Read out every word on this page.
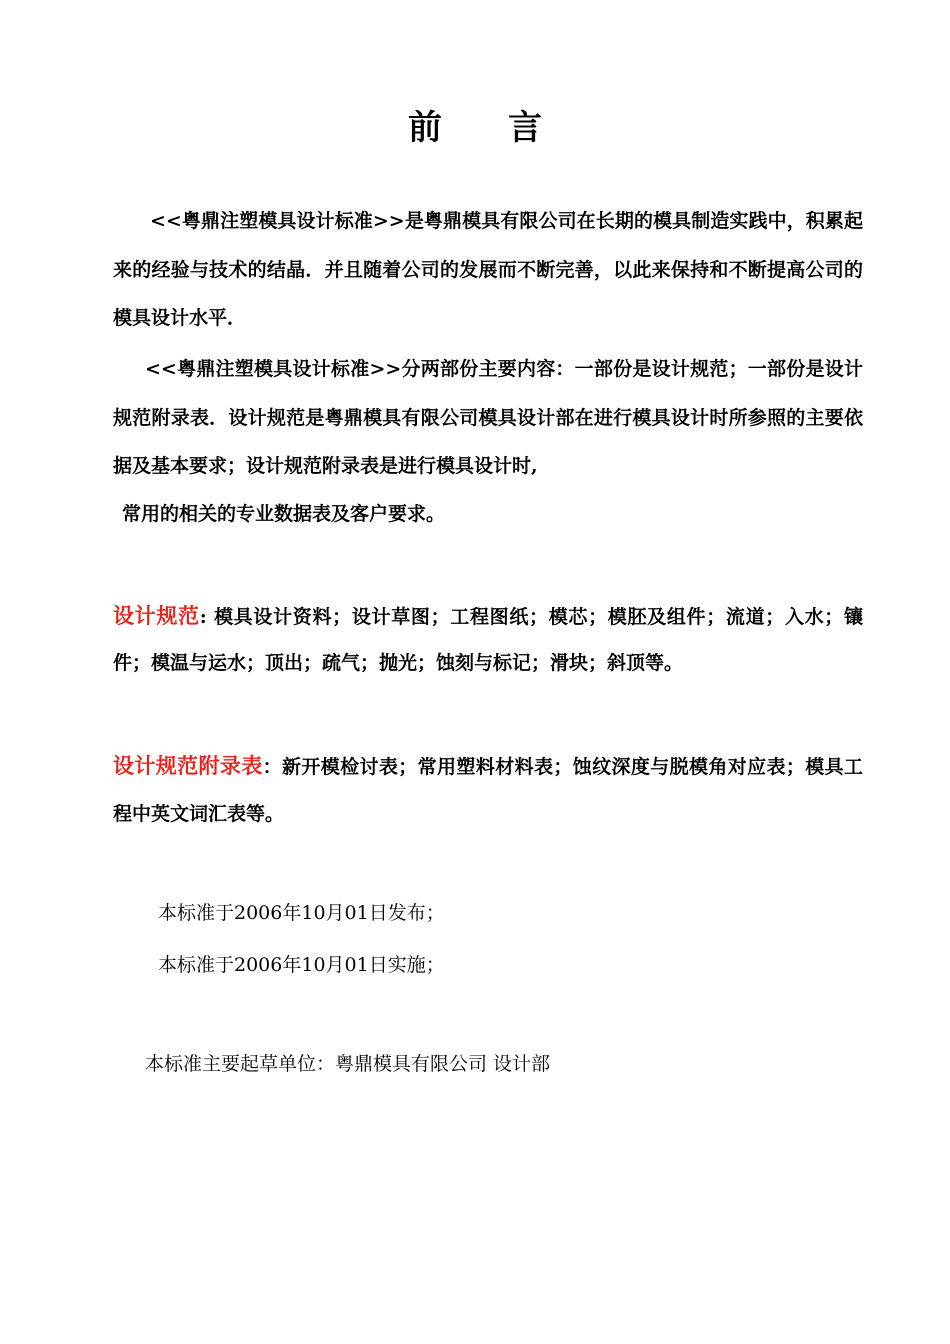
前 言
<<粤鼎注塑模具设计标准>>是粤鼎模具有限公司在长期的模具制造实践中，积累起来的经验与技术的结晶．并且随着公司的发展而不断完善，以此来保持和不断提高公司的模具设计水平．
<<粤鼎注塑模具设计标准>>分两部份主要内容：一部份是设计规范；一部份是设计规范附录表．设计规范是粤鼎模具有限公司模具设计部在进行模具设计时所参照的主要依据及基本要求；设计规范附录表是进行模具设计时,
常用的相关的专业数据表及客户要求。
设计规范: 模具设计资料；设计草图；工程图纸；模芯；模胚及组件；流道；入水；镶件；模温与运水；顶出；疏气；抛光；蚀刻与标记；滑块；斜顶等。
设计规范附录表：新开模检讨表；常用塑料材料表；蚀纹深度与脱模角对应表；模具工程中英文词汇表等。
本标准于2006年10月01日发布；
本标准于2006年10月01日实施；
本标准主要起草单位：粤鼎模具有限公司 设计部
